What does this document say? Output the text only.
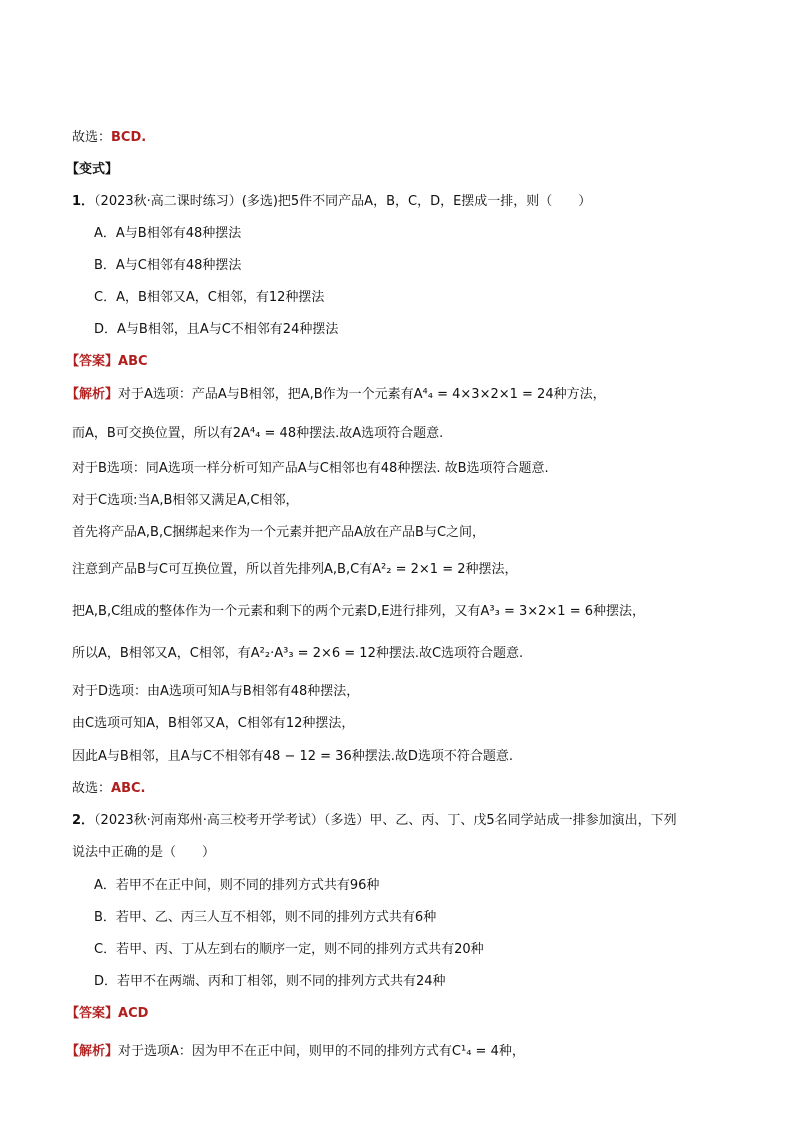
故选：BCD.
【变式】
1．（2023秋·高二课时练习）(多选)把5件不同产品A，B，C，D，E摆成一排，则（　　）
A．A与B相邻有48种摆法
B．A与C相邻有48种摆法
C．A，B相邻又A，C相邻，有12种摆法
D．A与B相邻，且A与C不相邻有24种摆法
【答案】ABC
【解析】对于A选项：产品A与B相邻，把A,B作为一个元素有A⁴₄ = 4×3×2×1 = 24种方法，
而A，B可交换位置，所以有2A⁴₄ = 48种摆法.故A选项符合题意.
对于B选项：同A选项一样分析可知产品A与C相邻也有48种摆法. 故B选项符合题意.
对于C选项:当A,B相邻又满足A,C相邻，
首先将产品A,B,C捆绑起来作为一个元素并把产品A放在产品B与C之间，
注意到产品B与C可互换位置，所以首先排列A,B,C有A²₂ = 2×1 = 2种摆法，
把A,B,C组成的整体作为一个元素和剩下的两个元素D,E进行排列，又有A³₃ = 3×2×1 = 6种摆法，
所以A，B相邻又A，C相邻，有A²₂·A³₃ = 2×6 = 12种摆法.故C选项符合题意.
对于D选项：由A选项可知A与B相邻有48种摆法，
由C选项可知A，B相邻又A，C相邻有12种摆法，
因此A与B相邻，且A与C不相邻有48 − 12 = 36种摆法.故D选项不符合题意.
故选：ABC.
2．（2023秋·河南郑州·高三校考开学考试）（多选）甲、乙、丙、丁、戊5名同学站成一排参加演出，下列
说法中正确的是（　　）
A．若甲不在正中间，则不同的排列方式共有96种
B．若甲、乙、丙三人互不相邻，则不同的排列方式共有6种
C．若甲、丙、丁从左到右的顺序一定，则不同的排列方式共有20种
D．若甲不在两端、丙和丁相邻，则不同的排列方式共有24种
【答案】ACD
【解析】对于选项A：因为甲不在正中间，则甲的不同的排列方式有C¹₄ = 4种，
